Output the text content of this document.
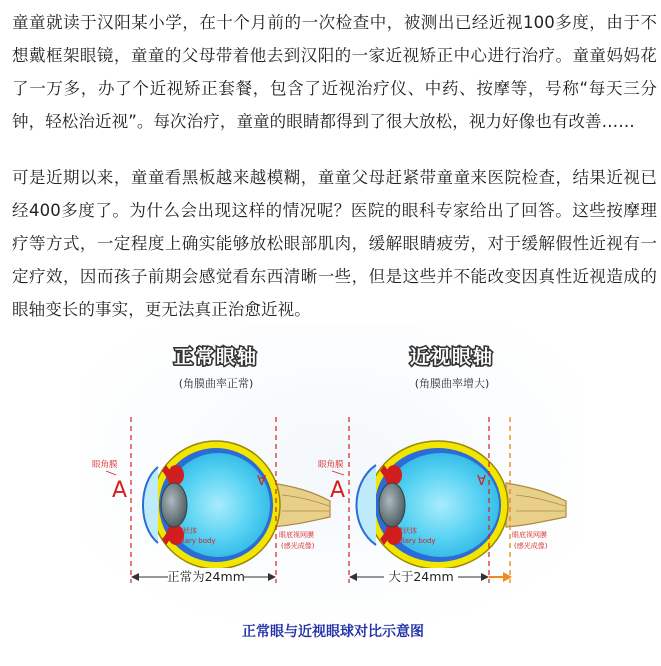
童童就读于汉阳某小学，在十个月前的一次检查中，被测出已经近视100多度，由于不想戴框架眼镜，童童的父母带着他去到汉阳的一家近视矫正中心进行治疗。童童妈妈花了一万多，办了个近视矫正套餐，包含了近视治疗仪、中药、按摩等，号称“每天三分钟，轻松治近视”。每次治疗，童童的眼睛都得到了很大放松，视力好像也有改善……

可是近期以来，童童看黑板越来越模糊，童童父母赶紧带童童来医院检查，结果近视已经400多度了。为什么会出现这样的情况呢？医院的眼科专家给出了回答。这些按摩理疗等方式，一定程度上确实能够放松眼部肌肉，缓解眼睛疲劳，对于缓解假性近视有一定疗效，因而孩子前期会感觉看东西清晰一些，但是这些并不能改变因真性近视造成的眼轴变长的事实，更无法真正治愈近视。

正常眼轴
(角膜曲率正常)
眼角膜
A	A
睫状体
Ciliary body
眼底视网膜
(感光成像)
正常为24mm
近视眼轴
(角膜曲率增大)
眼角膜
A	A
睫状体
Ciliary body
眼底视网膜
(感光成像)
大于24mm
正常眼与近视眼球对比示意图
